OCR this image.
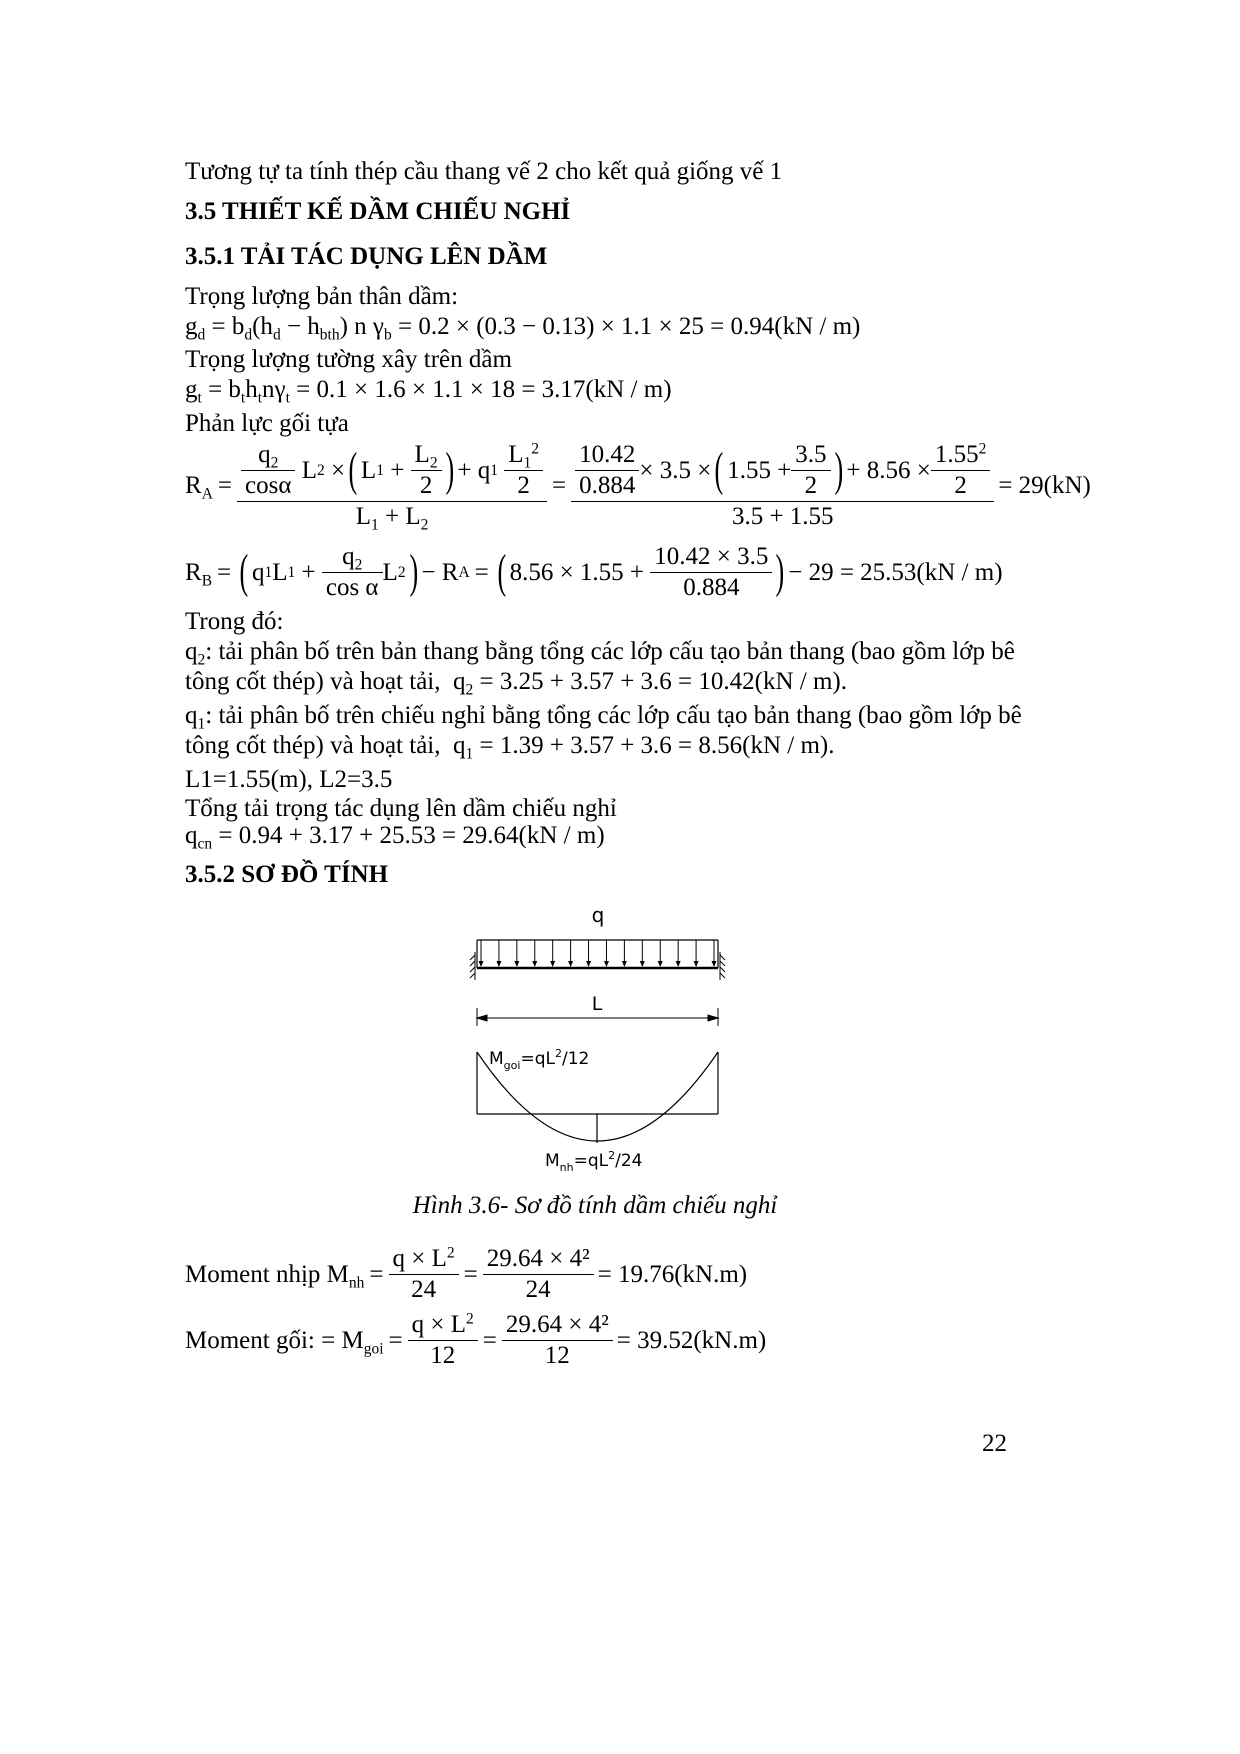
Tương tự ta tính thép cầu thang vế 2 cho kết quả giống vế 1
3.5 THIẾT KẾ DẦM CHIẾU NGHỈ
3.5.1 TẢI TÁC DỤNG LÊN DẦM
Trọng lượng bản thân dầm:
$g_d = b_d(h_d - h_{bth})$ n $\gamma_b = 0.2 \times (0.3 - 0.13) \times 1.1 \times 25 = 0.94(kN / m)$
Trọng lượng tường xây trên dầm
$g_t = b_th_tn\gamma_t = 0.1 \times 1.6 \times 1.1 \times 18 = 3.17(kN / m)$
Phản lực gối tựa
$R_A = \frac{q_2}{\cos\alpha}$ L 2 × ( L $1 + \frac{L_2}{2}$ ) + q 1
$\frac{L_1^2}{2}$
$L_1 + L_2 = \frac{10.42}{0.884} \times 3.5$ × ( $1.55 + \frac{3.5}{2}$ ) + $8.56 \times \frac{1.55^2}{2}$
3.5 + 1.55
= 29(kN)
$R_B$ = ( q 1 L $1 + \frac{q_2}{\text{cos α}}$ L 2 ) − R A = ( $8.56 \times 1.55 + \frac{10.42 \times 3.5}{0.884}$ ) − 29 = 25.53(kN / m)
Trong đó:
$q_2$: tải phân bố trên bản thang bằng tổng các lớp cấu tạo bản thang (bao gồm lớp bê
tông cốt thép) và hoạt tải,  $q_2 = 3.25 + 3.57 + 3.6 = 10.42(kN / m)$.
$q_1$: tải phân bố trên chiếu nghỉ bằng tổng các lớp cấu tạo bản thang (bao gồm lớp bê
tông cốt thép) và hoạt tải,  $q_1 = 1.39 + 3.57 + 3.6 = 8.56(kN / m)$.
L1=1.55(m), L2=3.5
Tổng tải trọng tác dụng lên dầm chiếu nghỉ
$q_{cn} = 0.94 + 3.17 + 25.53 = 29.64(kN / m)$
3.5.2 SƠ ĐỒ TÍNH
q
L
$M_{goi}=qL^2/12$
$M_{nh}=qL^2/24$
Hình 3.6- Sơ đồ tính dầm chiếu nghỉ
Moment nhịp
$M_{nh} = \frac{q \times L^2}{24} = \frac{\text{29.64 × 4²}}{24} = 19.76(kN.m)$
Moment gối: = $M_{goi} = \frac{q \times L^2}{12} = \frac{\text{29.64 × 4²}}{12} = 39.52(kN.m)$
22
